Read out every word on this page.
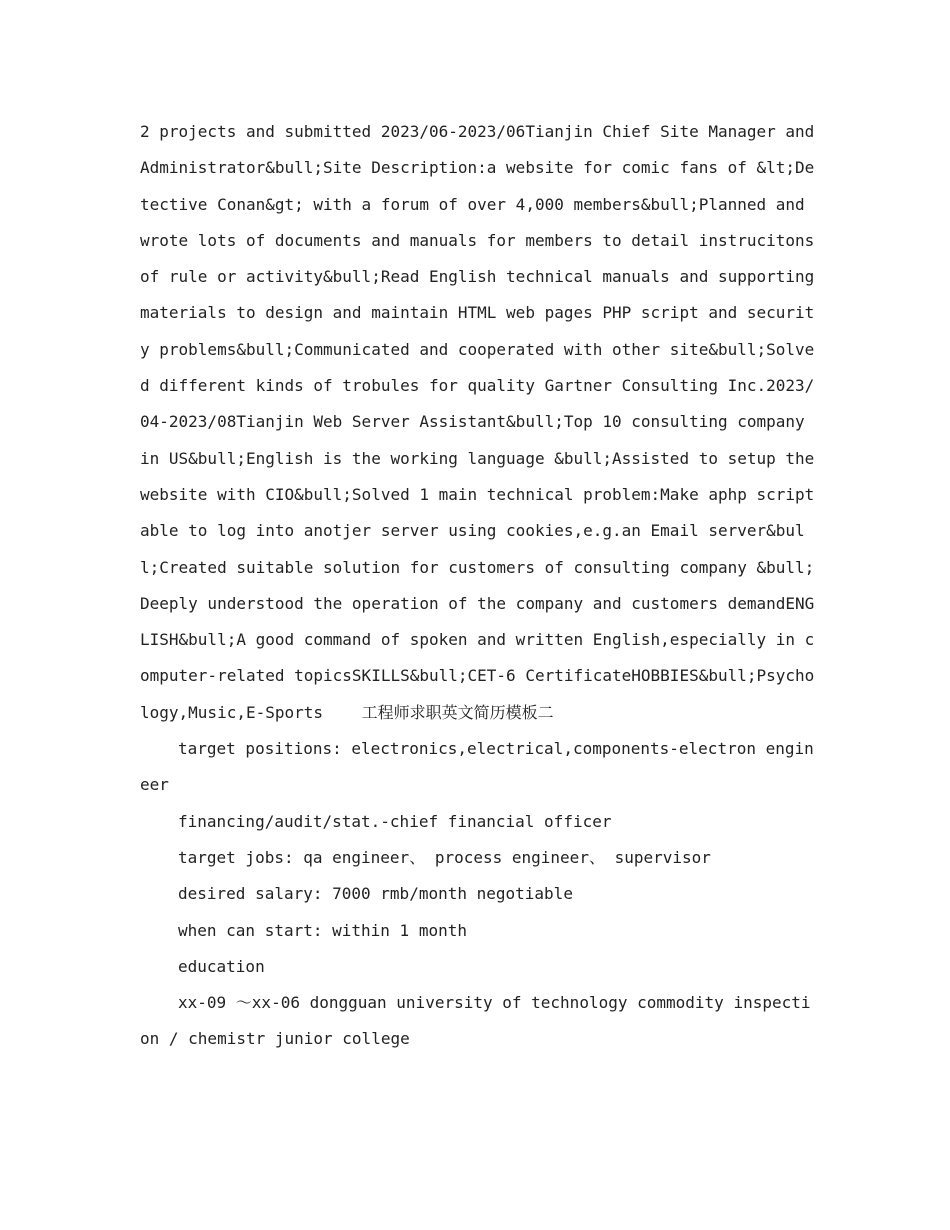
2 projects and submitted 2023/06-2023/06Tianjin Chief Site Manager and Administrator&bull;Site Description:a website for comic fans of &lt;Detective Conan&gt; with a forum of over 4,000 members&bull;Planned and wrote lots of documents and manuals for members to detail instrucitons of rule or activity&bull;Read English technical manuals and supporting materials to design and maintain HTML web pages PHP script and security problems&bull;Communicated and cooperated with other site&bull;Solved different kinds of trobules for quality Gartner Consulting Inc.2023/04-2023/08Tianjin Web Server Assistant&bull;Top 10 consulting company in US&bull;English is the working language &bull;Assisted to setup the website with CIO&bull;Solved 1 main technical problem:Make aphp script able to log into anotjer server using cookies,e.g.an Email server&bull;Created suitable solution for customers of consulting company &bull;Deeply understood the operation of the company and customers demandENGLISH&bull;A good command of spoken and written English,especially in computer-related topicsSKILLS&bull;CET-6 CertificateHOBBIES&bull;Psychology,Music,E-Sports 工程师求职英文简历模板二

target positions: electronics,electrical,components-electron engineer

financing/audit/stat.-chief financial officer

target jobs: qa engineer、 process engineer、 supervisor

desired salary: 7000 rmb/month negotiable

when can start: within 1 month

education

xx-09 ～xx-06 dongguan university of technology commodity inspection / chemistr junior college
